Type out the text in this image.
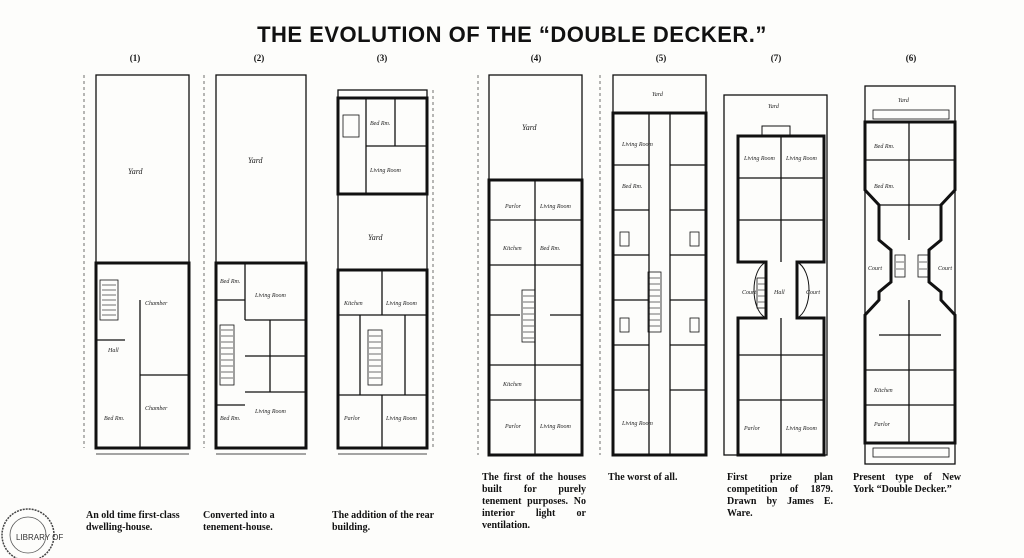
THE EVOLUTION OF THE “DOUBLE DECKER.”
(1)	(2)	(3)	(4)	(5)	(7)	(6)
Yard
Chamber
Chamber
Hall
Bed Rm.
Yard
Living Room
Living Room
Bed Rm.
Bed Rm.
Yard
Bed Rm.
Living Room
Kitchen	Living Room
Parlor	Living Room
Yard
Parlor	Living Room
Kitchen	Bed Rm.
Kitchen
Parlor	Living Room
Yard
Living Room
Bed Rm.
Living Room
Yard
Living Room Living Room
Court	Court
Hall
Parlor	Living Room
Yard
Bed Rm.
Bed Rm.
Court	Court
Kitchen
Parlor
LIBRARY OF
An old time first-class dwelling-house.
Converted into a tenement-house.
The addition of the rear building.
The first of the houses built for purely tenement purposes. No interior light or ventilation.
The worst of all.	First prize plan competition of 1879. Drawn by James E. Ware.
Present type of New York “Double Decker.”
